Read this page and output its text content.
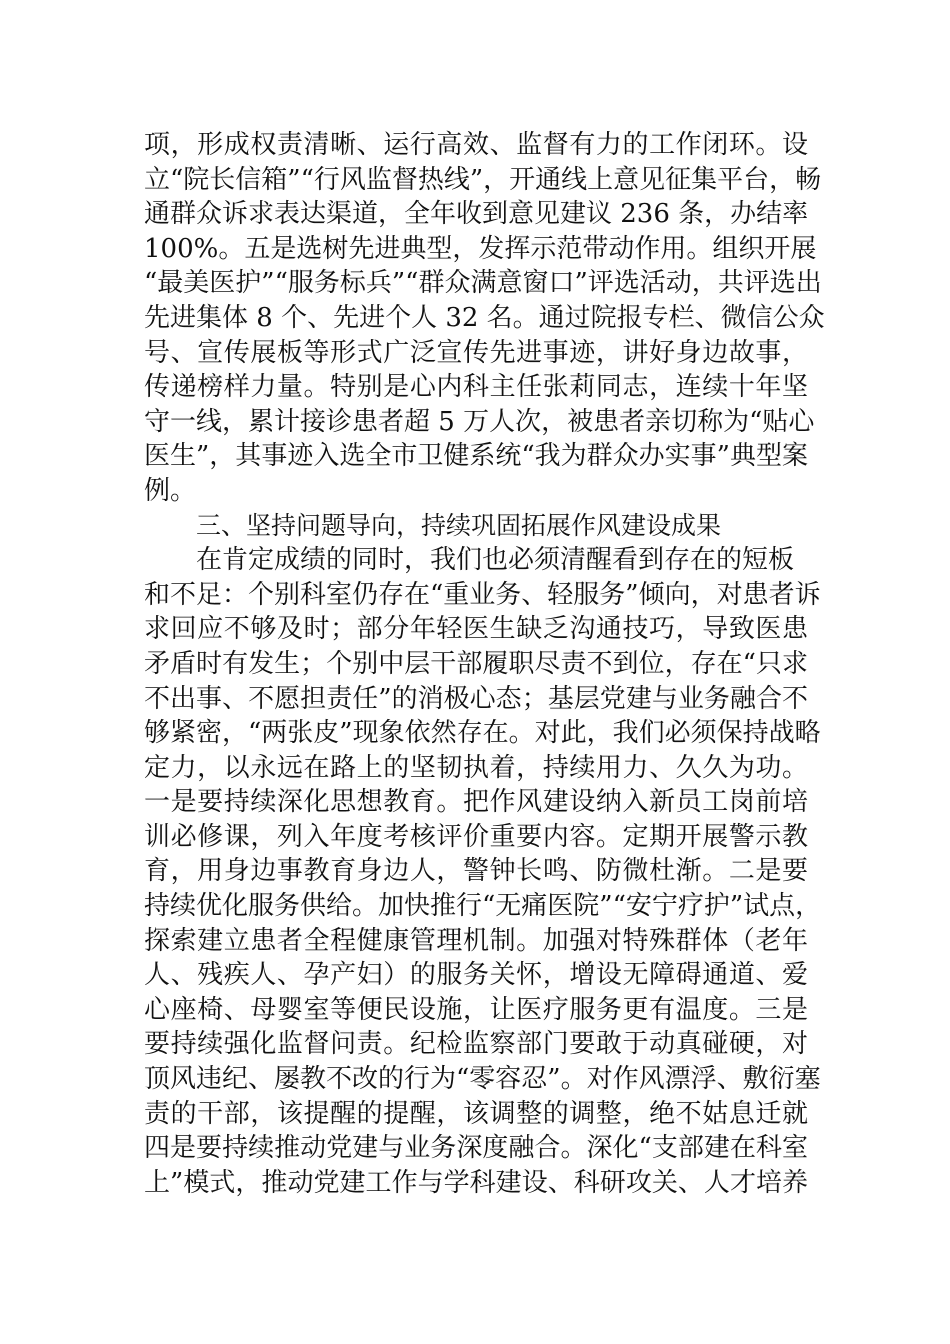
项，形成权责清晰、运行高效、监督有力的工作闭环。设
立“院长信箱”“行风监督热线”，开通线上意见征集平台，畅
通群众诉求表达渠道，全年收到意见建议 236 条，办结率
100%。五是选树先进典型，发挥示范带动作用。组织开展
“最美医护”“服务标兵”“群众满意窗口”评选活动，共评选出
先进集体 8 个、先进个人 32 名。通过院报专栏、微信公众
号、宣传展板等形式广泛宣传先进事迹，讲好身边故事，
传递榜样力量。特别是心内科主任张莉同志，连续十年坚
守一线，累计接诊患者超 5 万人次，被患者亲切称为“贴心
医生”，其事迹入选全市卫健系统“我为群众办实事”典型案
例。
三、坚持问题导向，持续巩固拓展作风建设成果
在肯定成绩的同时，我们也必须清醒看到存在的短板
和不足：个别科室仍存在“重业务、轻服务”倾向，对患者诉
求回应不够及时；部分年轻医生缺乏沟通技巧，导致医患
矛盾时有发生；个别中层干部履职尽责不到位，存在“只求
不出事、不愿担责任”的消极心态；基层党建与业务融合不
够紧密，“两张皮”现象依然存在。对此，我们必须保持战略
定力，以永远在路上的坚韧执着，持续用力、久久为功。
一是要持续深化思想教育。把作风建设纳入新员工岗前培
训必修课，列入年度考核评价重要内容。定期开展警示教
育，用身边事教育身边人，警钟长鸣、防微杜渐。二是要
持续优化服务供给。加快推行“无痛医院”“安宁疗护”试点，
探索建立患者全程健康管理机制。加强对特殊群体（老年
人、残疾人、孕产妇）的服务关怀，增设无障碍通道、爱
心座椅、母婴室等便民设施，让医疗服务更有温度。三是
要持续强化监督问责。纪检监察部门要敢于动真碰硬，对
顶风违纪、屡教不改的行为“零容忍”。对作风漂浮、敷衍塞
责的干部，该提醒的提醒，该调整的调整，绝不姑息迁就
四是要持续推动党建与业务深度融合。深化“支部建在科室
上”模式，推动党建工作与学科建设、科研攻关、人才培养
